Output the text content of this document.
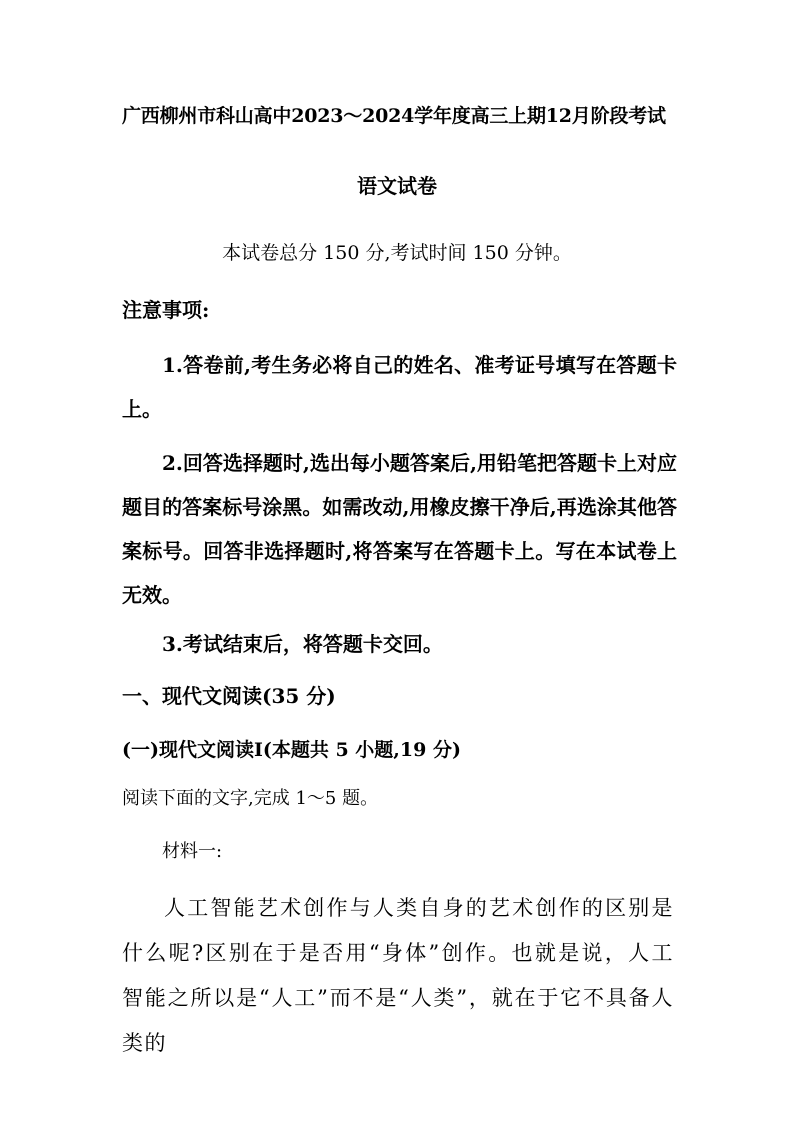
广西柳州市科山高中2023～2024学年度高三上期12月阶段考试
语文试卷
本试卷总分 150 分,考试时间 150 分钟。
注意事项:
1.答卷前,考生务必将自己的姓名、准考证号填写在答题卡上。
2.回答选择题时,选出每小题答案后,用铅笔把答题卡上对应题目的答案标号涂黑。如需改动,用橡皮擦干净后,再选涂其他答案标号。回答非选择题时,将答案写在答题卡上。写在本试卷上无效。
3.考试结束后，将答题卡交回。
一、现代文阅读(35 分)
(一)现代文阅读Ⅰ(本题共 5 小题,19 分)
阅读下面的文字,完成 1～5 题。
材料一:
人工智能艺术创作与人类自身的艺术创作的区别是什么呢?区别在于是否用“身体”创作。也就是说，人工智能之所以是“人工”而不是“人类”，就在于它不具备人类的
